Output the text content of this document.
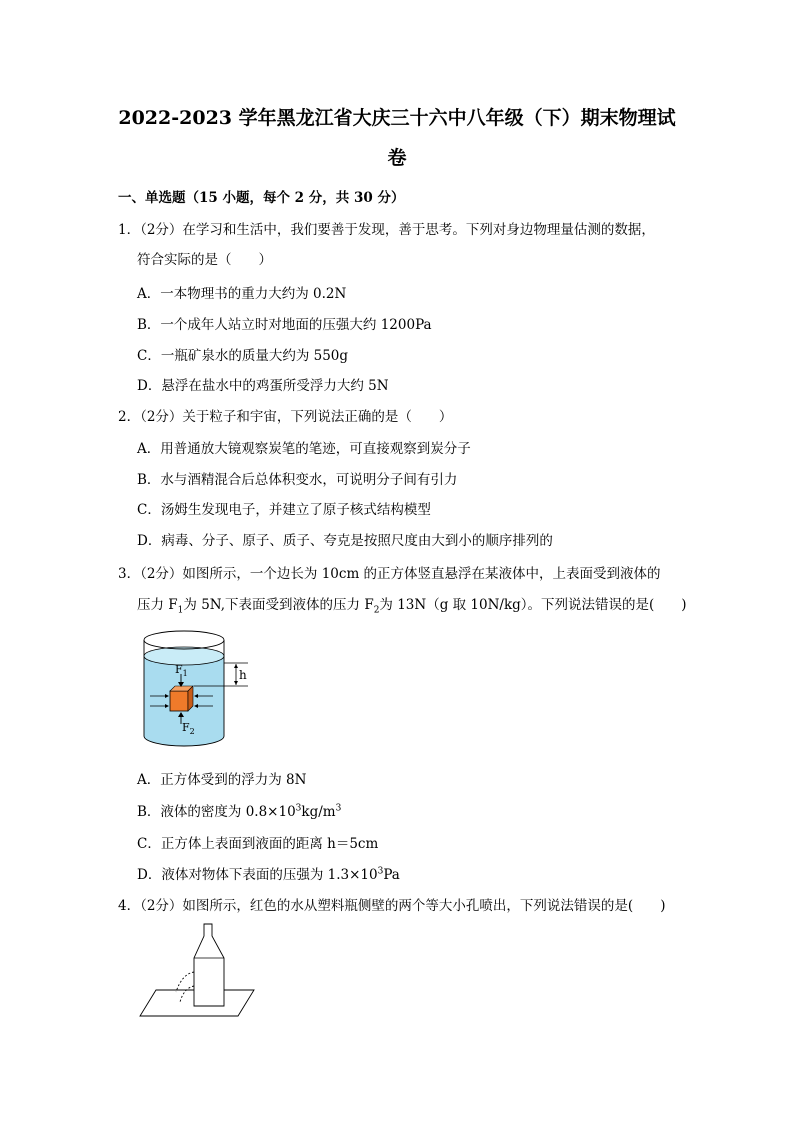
2022-2023 学年黑龙江省大庆三十六中八年级（下）期末物理试
卷
一、单选题（15 小题，每个 2 分，共 30 分）
1．（2分）在学习和生活中，我们要善于发现，善于思考。下列对身边物理量估测的数据，
符合实际的是（　　）
A．一本物理书的重力大约为 0.2N
B．一个成年人站立时对地面的压强大约 1200Pa
C．一瓶矿泉水的质量大约为 550g
D．悬浮在盐水中的鸡蛋所受浮力大约 5N
2．（2分）关于粒子和宇宙，下列说法正确的是（　　）
A．用普通放大镜观察炭笔的笔迹，可直接观察到炭分子
B．水与酒精混合后总体积变水，可说明分子间有引力
C．汤姆生发现电子，并建立了原子核式结构模型
D．病毒、分子、原子、质子、夸克是按照尺度由大到小的顺序排列的
3．（2分）如图所示，一个边长为 10cm 的正方体竖直悬浮在某液体中，上表面受到液体的
压力 $F_1$为 5N,下表面受到液体的压力 $F_2$为 13N（g 取 10N/kg）。下列说法错误的是(　　)
h
$F_1$
$F_2$
A．正方体受到的浮力为 8N
B．液体的密度为 $0.8\times 10^3kg/m^3$
C．正方体上表面到液面的距离 h＝5cm
D．液体对物体下表面的压强为 $1.3\times 10^3Pa$
4．（2分）如图所示，红色的水从塑料瓶侧壁的两个等大小孔喷出，下列说法错误的是(　　)
